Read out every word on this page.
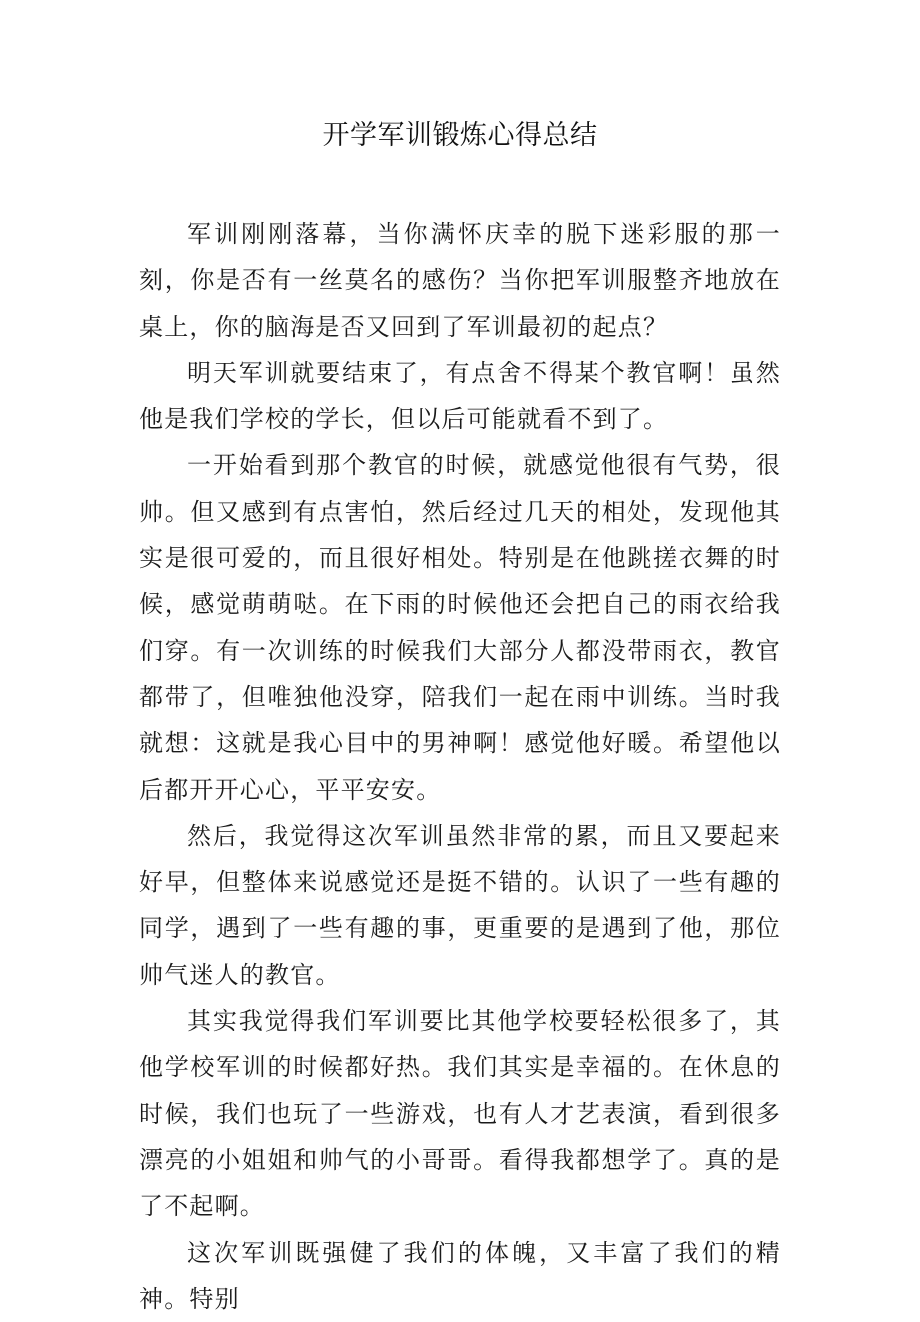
开学军训锻炼心得总结

军训刚刚落幕，当你满怀庆幸的脱下迷彩服的那一刻，你是否有一丝莫名的感伤？当你把军训服整齐地放在桌上，你的脑海是否又回到了军训最初的起点？

明天军训就要结束了，有点舍不得某个教官啊！虽然他是我们学校的学长，但以后可能就看不到了。

一开始看到那个教官的时候，就感觉他很有气势，很帅。但又感到有点害怕，然后经过几天的相处，发现他其实是很可爱的，而且很好相处。特别是在他跳搓衣舞的时候，感觉萌萌哒。在下雨的时候他还会把自己的雨衣给我们穿。有一次训练的时候我们大部分人都没带雨衣，教官都带了，但唯独他没穿，陪我们一起在雨中训练。当时我就想：这就是我心目中的男神啊！感觉他好暖。希望他以后都开开心心，平平安安。

然后，我觉得这次军训虽然非常的累，而且又要起来好早，但整体来说感觉还是挺不错的。认识了一些有趣的同学，遇到了一些有趣的事，更重要的是遇到了他，那位帅气迷人的教官。

其实我觉得我们军训要比其他学校要轻松很多了，其他学校军训的时候都好热。我们其实是幸福的。在休息的时候，我们也玩了一些游戏，也有人才艺表演，看到很多漂亮的小姐姐和帅气的小哥哥。看得我都想学了。真的是了不起啊。

这次军训既强健了我们的体魄，又丰富了我们的精神。特别
